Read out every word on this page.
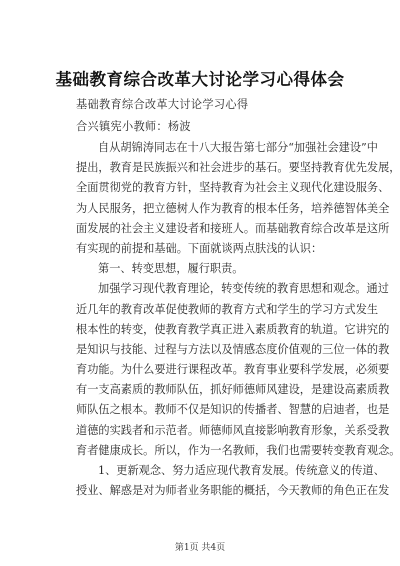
基础教育综合改革大讨论学习心得体会
基础教育综合改革大讨论学习心得
合兴镇宪小教师：杨波
自从胡锦涛同志在十八大报告第七部分“加强社会建设”中
提出，教育是民族振兴和社会进步的基石。要坚持教育优先发展，
全面贯彻党的教育方针，坚持教育为社会主义现代化建设服务、
为人民服务，把立德树人作为教育的根本任务，培养德智体美全
面发展的社会主义建设者和接班人。而基础教育综合改革是这所
有实现的前提和基础。下面就谈两点肤浅的认识：
第一、转变思想，履行职责。
加强学习现代教育理论，转变传统的教育思想和观念。通过
近几年的教育改革促使教师的教育方式和学生的学习方式发生
根本性的转变，使教育教学真正进入素质教育的轨道。它讲究的
是知识与技能、过程与方法以及情感态度价值观的三位一体的教
育功能。为什么要进行课程改革。教育事业要科学发展，必须要
有一支高素质的教师队伍，抓好师德师风建设，是建设高素质教
师队伍之根本。教师不仅是知识的传播者、智慧的启迪者，也是
道德的实践者和示范者。师德师风直接影响教育形象，关系受教
育者健康成长。所以，作为一名教师，我们也需要转变教育观念。
1、更新观念、努力适应现代教育发展。传统意义的传道、
授业、解惑是对为师者业务职能的概括，今天教师的角色正在发
第1页 共4页
